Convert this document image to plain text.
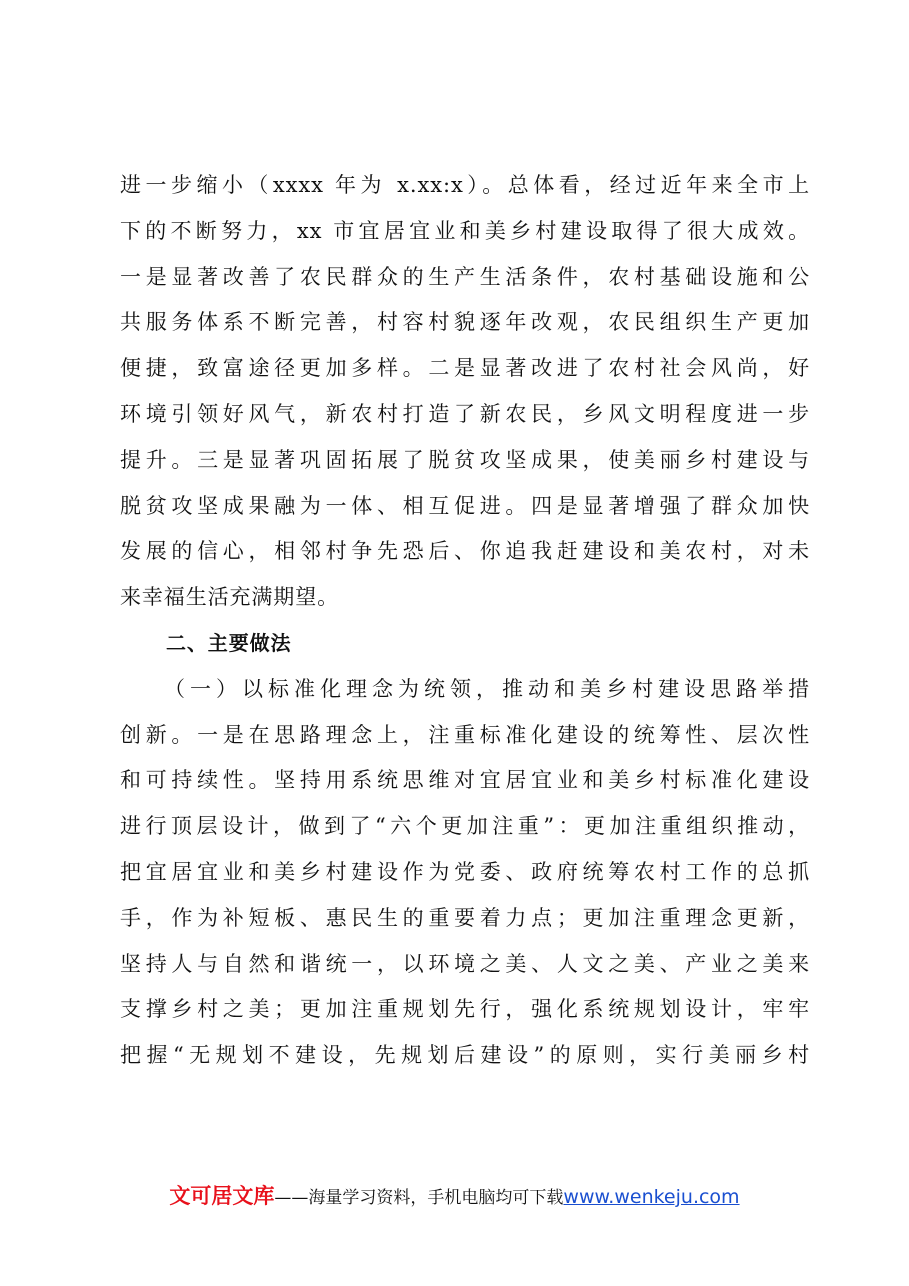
进一步缩小（xxxx 年为 x.xx:x）。总体看，经过近年来全市上
下的不断努力，xx 市宜居宜业和美乡村建设取得了很大成效。
一是显著改善了农民群众的生产生活条件，农村基础设施和公
共服务体系不断完善，村容村貌逐年改观，农民组织生产更加
便捷，致富途径更加多样。二是显著改进了农村社会风尚，好
环境引领好风气，新农村打造了新农民，乡风文明程度进一步
提升。三是显著巩固拓展了脱贫攻坚成果，使美丽乡村建设与
脱贫攻坚成果融为一体、相互促进。四是显著增强了群众加快
发展的信心，相邻村争先恐后、你追我赶建设和美农村，对未
来幸福生活充满期望。
二、主要做法
（一）以标准化理念为统领，推动和美乡村建设思路举措
创新。一是在思路理念上，注重标准化建设的统筹性、层次性
和可持续性。坚持用系统思维对宜居宜业和美乡村标准化建设
进行顶层设计，做到了“六个更加注重”：更加注重组织推动，
把宜居宜业和美乡村建设作为党委、政府统筹农村工作的总抓
手，作为补短板、惠民生的重要着力点；更加注重理念更新，
坚持人与自然和谐统一，以环境之美、人文之美、产业之美来
支撑乡村之美；更加注重规划先行，强化系统规划设计，牢牢
把握“无规划不建设，先规划后建设”的原则，实行美丽乡村
文可居文库——海量学习资料，手机电脑均可下载www.wenkeju.com
